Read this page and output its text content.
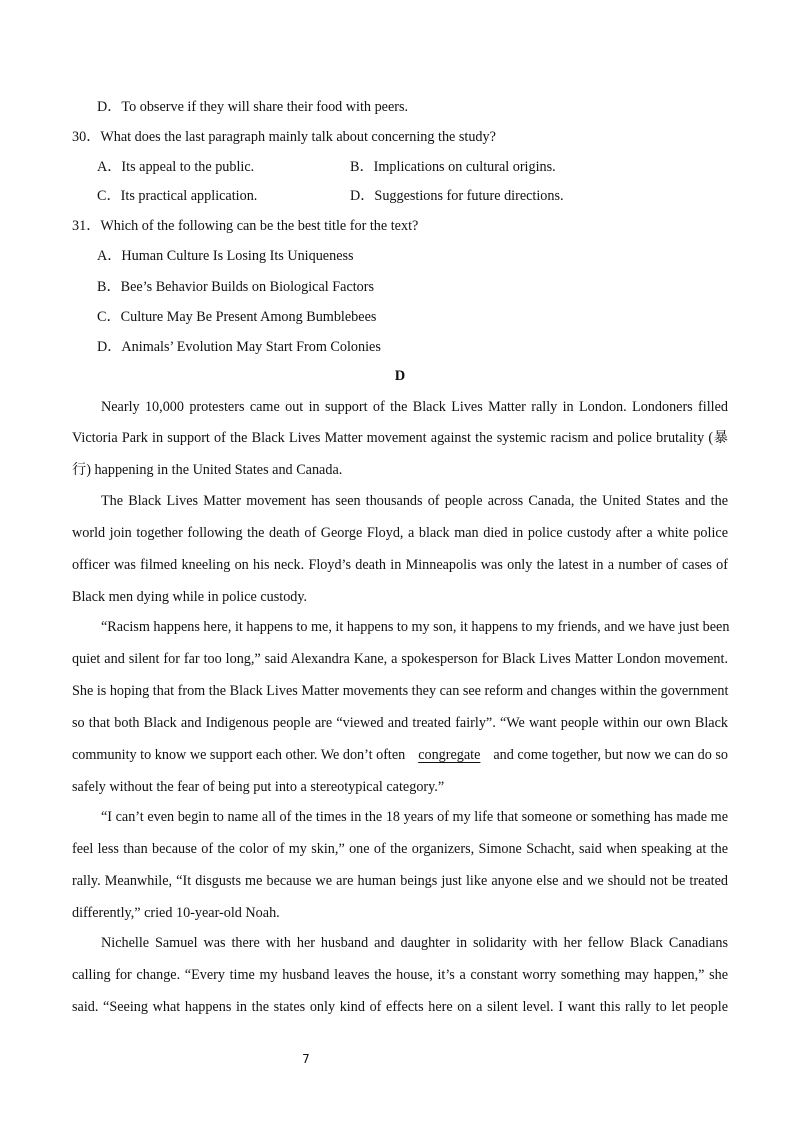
D．To observe if they will share their food with peers.
30．What does the last paragraph mainly talk about concerning the study?
A．Its appeal to the public.	B．Implications on cultural origins.
C．Its practical application.	D．Suggestions for future directions.
31．Which of the following can be the best title for the text?
A．Human Culture Is Losing Its Uniqueness
B．Bee’s Behavior Builds on Biological Factors
C．Culture May Be Present Among Bumblebees
D．Animals’ Evolution May Start From Colonies
D
Nearly 10,000 protesters came out in support of the Black Lives Matter rally in London. Londoners filled
Victoria Park in support of the Black Lives Matter movement against the systemic racism and police brutality (暴
行) happening in the United States and Canada.
The Black Lives Matter movement has seen thousands of people across Canada, the United States and the
world join together following the death of George Floyd, a black man died in police custody after a white police
officer was filmed kneeling on his neck. Floyd’s death in Minneapolis was only the latest in a number of cases of
Black men dying while in police custody.
“Racism happens here, it happens to me, it happens to my son, it happens to my friends, and we have just been
quiet and silent for far too long,” said Alexandra Kane, a spokesperson for Black Lives Matter London movement.
She is hoping that from the Black Lives Matter movements they can see reform and changes within the government
so that both Black and Indigenous people are “viewed and treated fairly”. “We want people within our own Black
community to know we support each other. We don’t often congregate and come together, but now we can do so
safely without the fear of being put into a stereotypical category.”
“I can’t even begin to name all of the times in the 18 years of my life that someone or something has made me
feel less than because of the color of my skin,” one of the organizers, Simone Schacht, said when speaking at the
rally. Meanwhile, “It disgusts me because we are human beings just like anyone else and we should not be treated
differently,” cried 10-year-old Noah.
Nichelle Samuel was there with her husband and daughter in solidarity with her fellow Black Canadians
calling for change. “Every time my husband leaves the house, it’s a constant worry something may happen,” she
said. “Seeing what happens in the states only kind of effects here on a silent level. I want this rally to let people
7
